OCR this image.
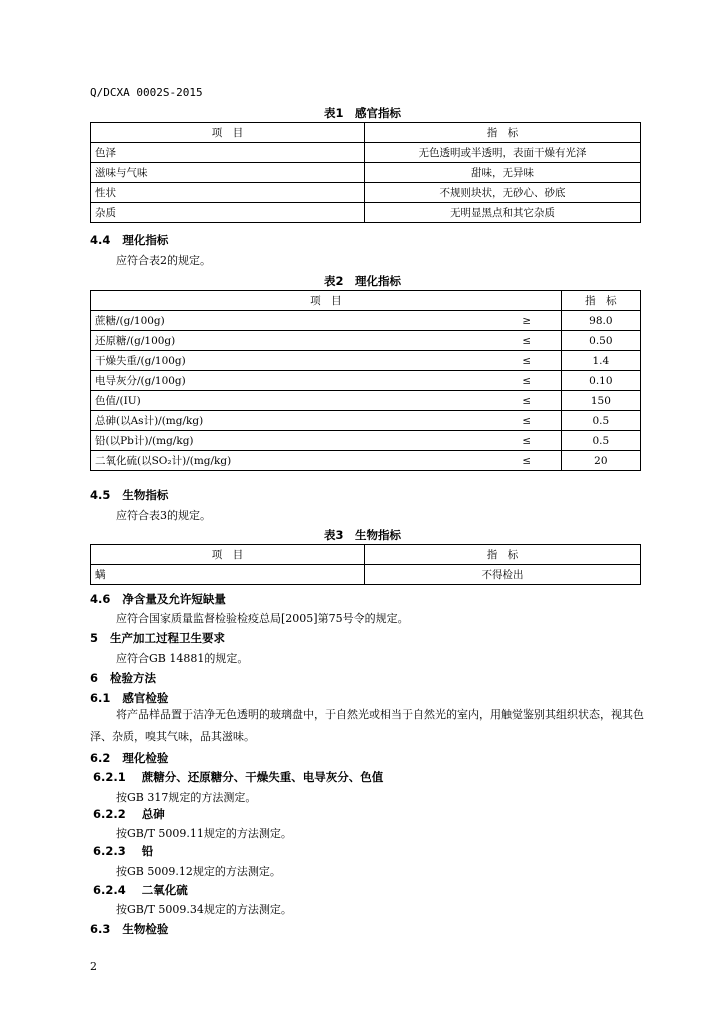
Q/DCXA 0002S-2015
表1　感官指标
项　目	指　标
色泽	无色透明或半透明，表面干燥有光泽
滋味与气味	甜味，无异味
性状	不规则块状，无砂心、砂底
杂质	无明显黑点和其它杂质
4.4 理化指标
应符合表2的规定。
表2　理化指标
项　目		指　标
蔗糖/(g/100g)	≥	98.0
还原糖/(g/100g)	≤	0.50
干燥失重/(g/100g)	≤	1.4
电导灰分/(g/100g)	≤	0.10
色值/(IU)	≤	150
总砷(以As计)/(mg/kg)	≤	0.5
铅(以Pb计)/(mg/kg)	≤	0.5
二氧化硫(以SO₂计)/(mg/kg)	≤	20
4.5 生物指标
应符合表3的规定。
表3　生物指标
项　目	指　标
螨	不得检出
4.6 净含量及允许短缺量
应符合国家质量监督检验检疫总局[2005]第75号令的规定。
5 生产加工过程卫生要求
应符合GB 14881的规定。
6 检验方法
6.1 感官检验
将产品样品置于洁净无色透明的玻璃盘中，于自然光或相当于自然光的室内，用触觉鉴别其组织状态，视其色泽、杂质，嗅其气味，品其滋味。
6.2 理化检验
6.2.1 蔗糖分、还原糖分、干燥失重、电导灰分、色值
按GB 317规定的方法测定。
6.2.2 总砷
按GB/T 5009.11规定的方法测定。
6.2.3 铅
按GB 5009.12规定的方法测定。
6.2.4 二氧化硫
按GB/T 5009.34规定的方法测定。
6.3 生物检验
2
